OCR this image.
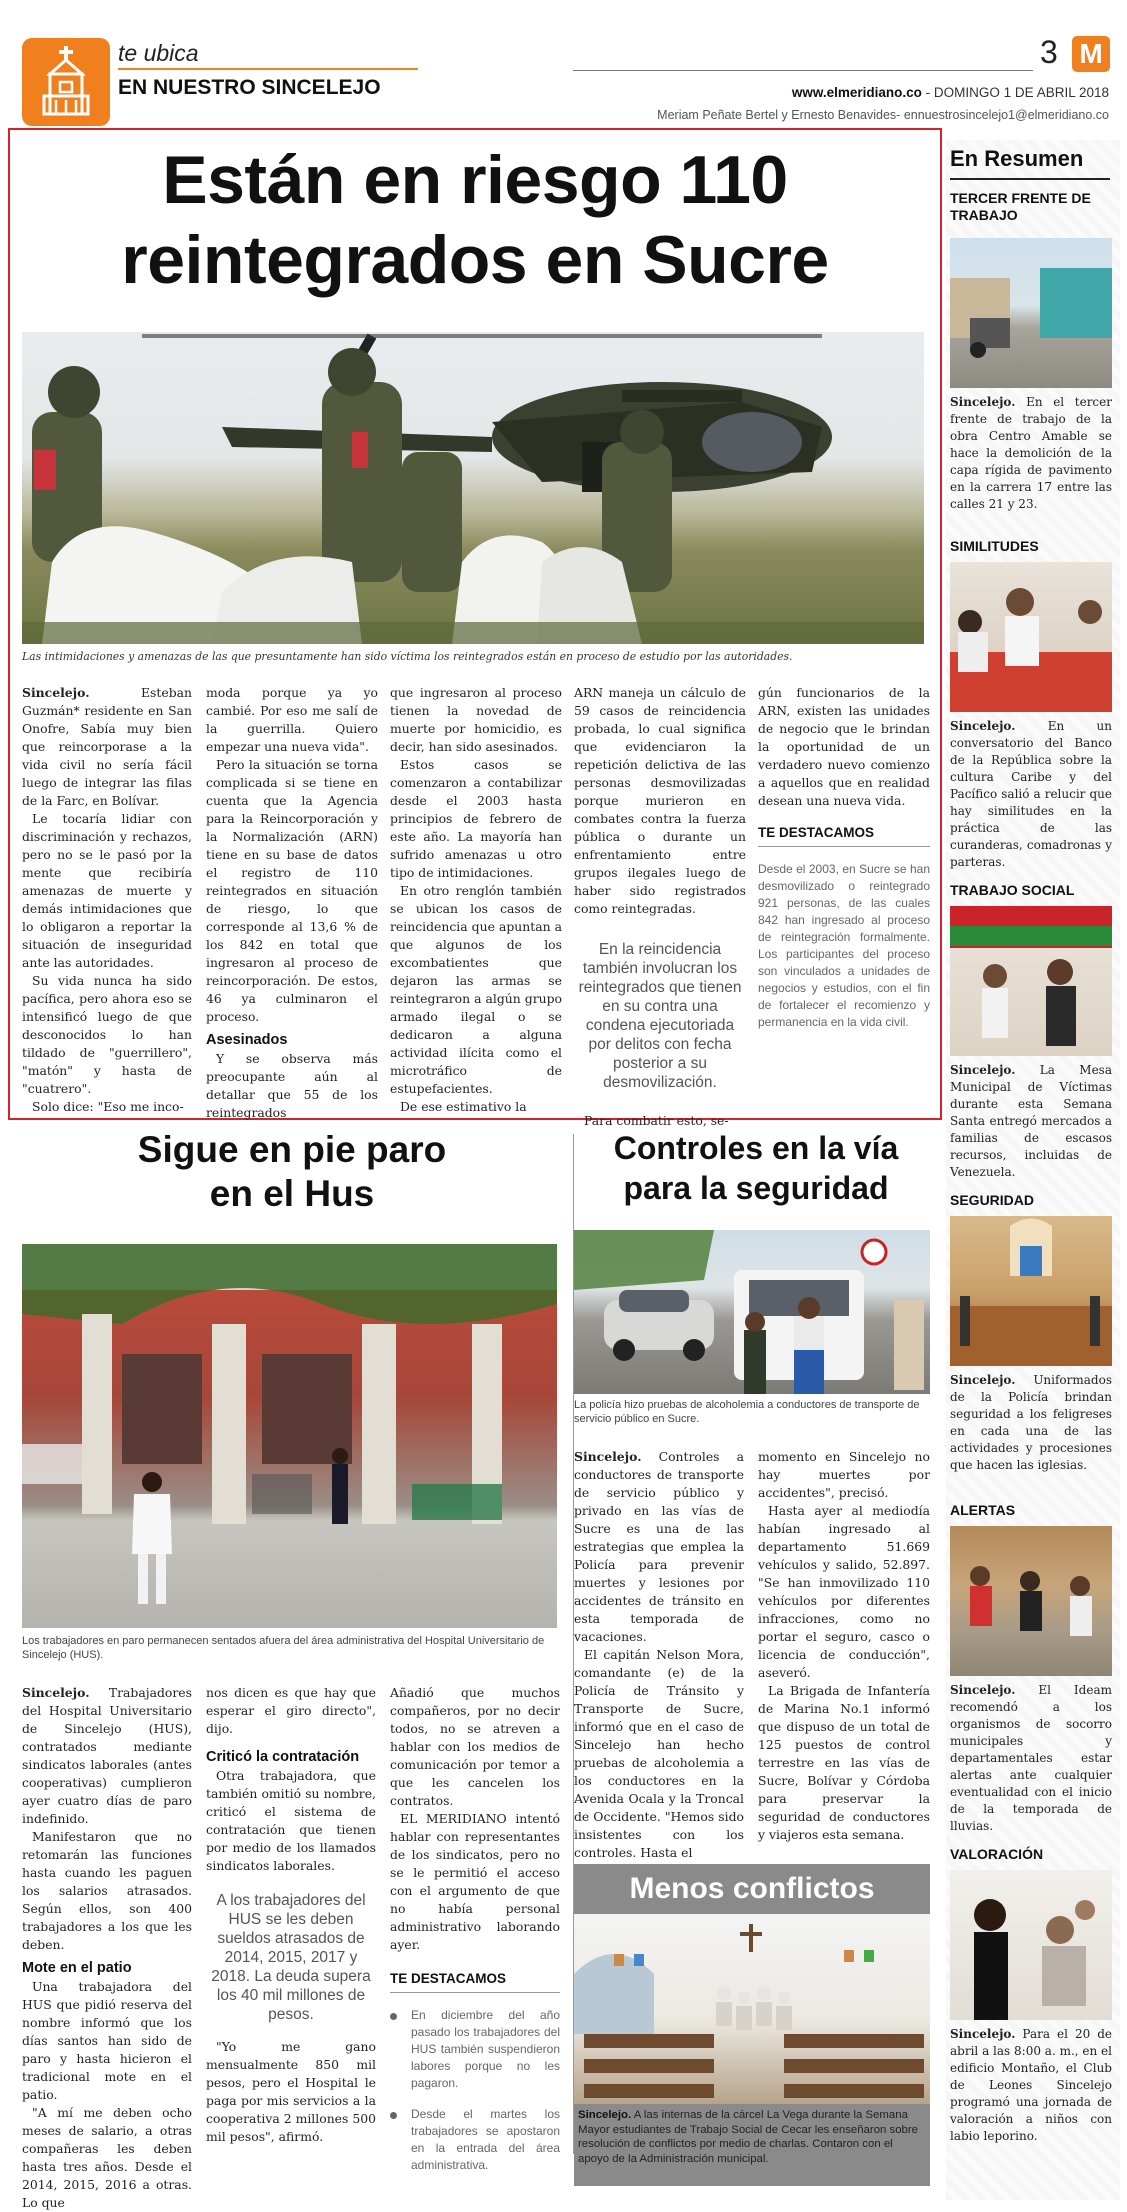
te ubica
EN NUESTRO SINCELEJO
3 M
www.elmeridiano.co - DOMINGO 1 DE ABRIL 2018
Meriam Peñate Bertel y Ernesto Benavides- ennuestrosincelejo1@elmeridiano.co
Están en riesgo 110
reintegrados en Sucre
Las intimidaciones y amenazas de las que presuntamente han sido víctima los reintegrados están en proceso de estudio por las autoridades.

Sincelejo.	Esteban Guzmán* residente en San Onofre, Sabía muy bien que reincorporase a la vida civil no sería fácil luego de integrar las filas de la Farc, en Bolívar.

Le tocaría lidiar con discriminación y rechazos, pero no se le pasó por la mente que recibiría amenazas de muerte y demás intimidaciones que lo obligaron a reportar la situación de inseguridad ante las autoridades.

Su vida nunca ha sido pacífica, pero ahora eso se intensificó luego de que desconocidos lo han tildado de "guerrillero", "matón" y hasta de "cuatrero".

Solo dice: "Eso me inco-

moda porque ya yo cambié. Por eso me salí de la guerrilla. Quiero empezar una nueva vida".

Pero la situación se torna complicada si se tiene en cuenta que la Agencia para la Reincorporación y la Normalización (ARN) tiene en su base de datos el registro de 110 reintegrados en situación de riesgo, lo que corresponde al 13,6 % de los 842 en total que ingresaron al proceso de reincorporación. De estos, 46 ya culminaron el proceso.

Asesinados

Y se observa más preocupante aún al detallar que 55 de los reintegrados

que ingresaron al proceso tienen la novedad de muerte por homicidio, es decir, han sido asesinados.

Estos casos se comenzaron a contabilizar desde el 2003 hasta principios de febrero de este año. La mayoría han sufrido amenazas u otro tipo de intimidaciones.

En otro renglón también se ubican los casos de reincidencia que apuntan a que algunos de los excombatientes que dejaron las armas se reintegraron a algún grupo armado ilegal o se dedicaron a alguna actividad ilícita como el microtráfico de estupefacientes.

De ese estimativo la

ARN maneja un cálculo de 59 casos de reincidencia probada, lo cual significa que evidenciaron la repetición delictiva de las personas desmovilizadas porque murieron en combates contra la fuerza pública o durante un enfrentamiento entre grupos ilegales luego de haber sido registrados como reintegradas.

En la reincidencia también involucran los reintegrados que tienen en su contra una condena ejecutoriada por delitos con fecha posterior a su desmovilización.

Para combatir esto, se-

gún funcionarios de la ARN, existen las unidades de negocio que le brindan la oportunidad de un verdadero nuevo comienzo a aquellos que en realidad desean una nueva vida.

TE DESTACAMOS
Desde el 2003, en Sucre se han desmovilizado o reintegrado 921 personas, de las cuales 842 han ingresado al proceso de reintegración formalmente. Los participantes del proceso son vinculados a unidades de negocios y estudios, con el fin de fortalecer el recomienzo y permanencia en la vida civil.
En Resumen
TERCER FRENTE DE TRABAJO
Sincelejo. En el tercer frente de trabajo de la obra Centro Amable se hace la demolición de la capa rígida de pavimento en la carrera 17 entre las calles 21 y 23.
SIMILITUDES
Sincelejo.	En un conversatorio del Banco de la República sobre la cultura Caribe y del Pacífico salió a relucir que hay similitudes en la práctica de las curanderas, comadronas y parteras.
TRABAJO SOCIAL
Sincelejo. La Mesa Municipal de Víctimas durante esta Semana Santa entregó mercados a familias de escasos recursos, incluidas de Venezuela.
SEGURIDAD
Sincelejo. Uniformados de la Policía brindan seguridad a los feligreses en cada una de las actividades y procesiones que hacen las iglesias.
ALERTAS
Sincelejo. El Ideam recomendó a los organismos de socorro municipales y departamentales estar alertas ante cualquier eventualidad con el inicio de la temporada de lluvias.
VALORACIÓN
Sincelejo. Para el 20 de abril a las 8:00 a. m., en el edificio Montaño, el Club de Leones Sincelejo programó una jornada de valoración a niños con labio leporino.
Sigue en pie paro
en el Hus
Los trabajadores en paro permanecen sentados afuera del área administrativa del Hospital Universitario de Sincelejo (HUS).

Sincelejo. Trabajadores del Hospital Universitario de Sincelejo (HUS), contratados mediante sindicatos laborales (antes cooperativas) cumplieron ayer cuatro días de paro indefinido.

Manifestaron que no retomarán las funciones hasta cuando les paguen los salarios atrasados. Según ellos, son 400 trabajadores a los que les deben.

Mote en el patio

Una trabajadora del HUS que pidió reserva del nombre informó que los días santos han sido de paro y hasta hicieron el tradicional mote en el patio.

"A mí me deben ocho meses de salario, a otras compañeras les deben hasta tres años. Desde el 2014, 2015, 2016 a otras. Lo que

nos dicen es que hay que esperar el giro directo", dijo.

Criticó la contratación

Otra trabajadora, que también omitió su nombre, criticó el sistema de contratación que tienen por medio de los llamados sindicatos laborales.

A los trabajadores del HUS se les deben sueldos atrasados de 2014, 2015, 2017 y 2018. La deuda supera los 40 mil millones de pesos.

"Yo me gano mensualmente 850 mil pesos, pero el Hospital le paga por mis servicios a la cooperativa 2 millones 500 mil pesos", afirmó.

Añadió que muchos compañeros, por no decir todos, no se atreven a hablar con los medios de comunicación por temor a que les cancelen los contratos.

EL MERIDIANO intentó hablar con representantes de los sindicatos, pero no se le permitió el acceso con el argumento de que no había personal administrativo laborando ayer.

TE DESTACAMOS
En diciembre del año pasado los trabajadores del HUS también suspendieron labores porque no les pagaron.
Desde el martes los trabajadores se apostaron en la entrada del área administrativa.
Controles en la vía
para la seguridad
La policía hizo pruebas de alcoholemia a conductores de transporte de servicio público en Sucre.

Sincelejo. Controles a conductores de transporte de servicio público y privado en las vías de Sucre es una de las estrategias que emplea la Policía para prevenir muertes y lesiones por accidentes de tránsito en esta temporada de vacaciones.

El capitán Nelson Mora, comandante (e) de la Policía de Tránsito y Transporte de Sucre, informó que en el caso de Sincelejo han hecho pruebas de alcoholemia a los conductores en la Avenida Ocala y la Troncal de Occidente. "Hemos sido insistentes con los controles. Hasta el

momento en Sincelejo no hay muertes por accidentes", precisó.

Hasta ayer al mediodía habían ingresado al departamento 51.669 vehículos y salido, 52.897. "Se han inmovilizado 110 vehículos por diferentes infracciones, como no portar el seguro, casco o licencia de conducción", aseveró.

La Brigada de Infantería de Marina No.1 informó que dispuso de un total de 125 puestos de control terrestre en las vías de Sucre, Bolívar y Córdoba para preservar la seguridad de conductores y viajeros esta semana.

Menos conflictos
Sincelejo. A las internas de la cárcel La Vega durante la Semana Mayor estudiantes de Trabajo Social de Cecar les enseñaron sobre resolución de conflictos por medio de charlas. Contaron con el apoyo de la Administración municipal.
